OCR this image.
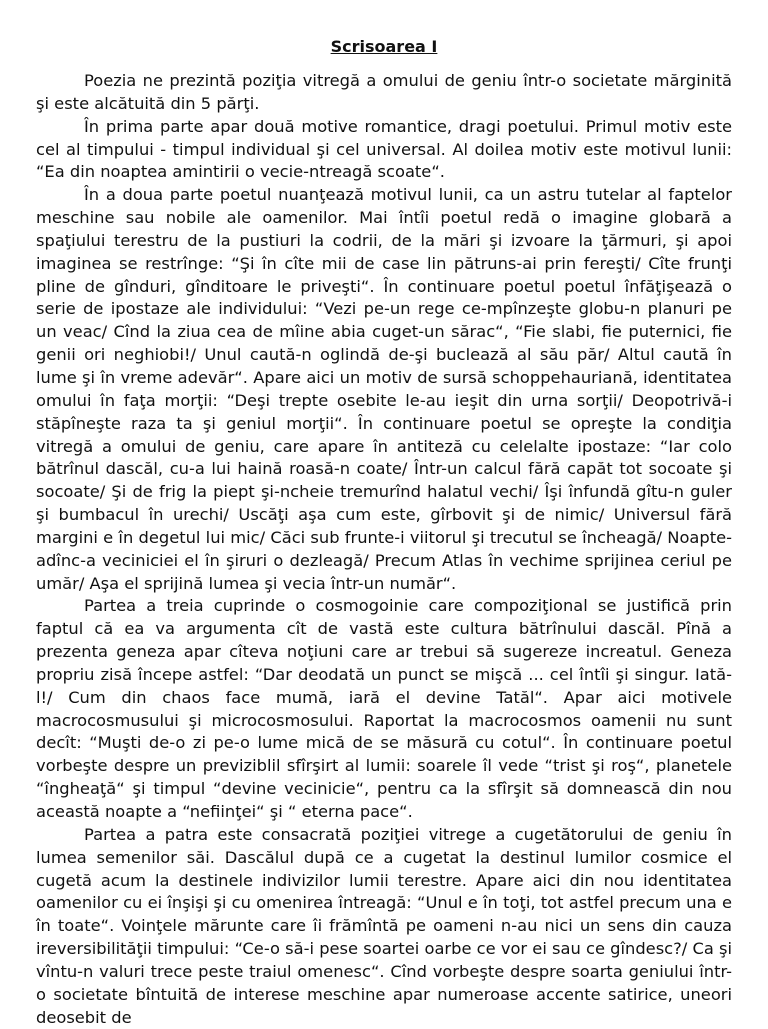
Scrisoarea I

Poezia ne prezintă poziţia vitregă a omului de geniu într-o societate mărginită şi este alcătuită din 5 părţi.

În prima parte apar două motive romantice, dragi poetului. Primul motiv este cel al timpului - timpul individual şi cel universal. Al doilea motiv este motivul lunii: “Ea din noaptea amintirii o vecie-ntreagă scoate“.

În a doua parte poetul nuanţează motivul lunii, ca un astru tutelar al faptelor meschine sau nobile ale oamenilor. Mai întîi poetul redă o imagine globară a spaţiului terestru de la pustiuri la codrii, de la mări şi izvoare la ţărmuri, şi apoi imaginea se restrînge: “Şi în cîte mii de case lin pătruns-ai prin fereşti/ Cîte frunţi pline de gînduri, gînditoare le priveşti“. În continuare poetul poetul înfăţişează o serie de ipostaze ale individului: “Vezi pe-un rege ce-mpînzeşte globu-n planuri pe un veac/ Cînd la ziua cea de mîine abia cuget-un sărac“, “Fie slabi, fie puternici, fie genii ori neghiobi!/ Unul caută-n oglindă de-şi buclează al său păr/ Altul caută în lume şi în vreme adevăr“. Apare aici un motiv de sursă schoppehauriană, identitatea omului în faţa morţii: “Deşi trepte osebite le-au ieşit din urna sorţii/ Deopotrivă-i stăpîneşte raza ta şi geniul morţii“. În continuare poetul se opreşte la condiţia vitregă a omului de geniu, care apare în antiteză cu celelalte ipostaze: “Iar colo bătrînul dascăl, cu-a lui haină roasă-n coate/ Într-un calcul fără capăt tot socoate şi socoate/ Şi de frig la piept şi-ncheie tremurînd halatul vechi/ Îşi înfundă gîtu-n guler şi bumbacul în urechi/ Uscăţi aşa cum este, gîrbovit şi de nimic/ Universul fără margini e în degetul lui mic/ Căci sub frunte-i viitorul şi trecutul se încheagă/ Noapte-adînc-a veciniciei el în şiruri o dezleagă/ Precum Atlas în vechime sprijinea ceriul pe umăr/ Aşa el sprijină lumea şi vecia într-un număr“.

Partea a treia cuprinde o cosmogoinie care compoziţional se justifică prin faptul că ea va argumenta cît de vastă este cultura bătrînului dascăl. Pînă a prezenta geneza apar cîteva noţiuni care ar trebui să sugereze increatul. Geneza propriu zisă începe astfel: “Dar deodată un punct se mişcă ... cel întîi şi singur. Iată-l!/ Cum din chaos face mumă, iară el devine Tatăl“. Apar aici motivele macrocosmusului şi microcosmosului. Raportat la macrocosmos oamenii nu sunt decît: “Muşti de-o zi pe-o lume mică de se măsură cu cotul“. În continuare poetul vorbeşte despre un previziblil sfîrşirt al lumii: soarele îl vede “trist şi roş“, planetele “îngheaţă“ şi timpul “devine vecinicie“, pentru ca la sfîrşit să domnească din nou această noapte a “nefiinţei“ şi “ eterna pace“.

Partea a patra este consacrată poziţiei vitrege a cugetătorului de geniu în lumea semenilor săi. Dascălul după ce a cugetat la destinul lumilor cosmice el cugetă acum la destinele indivizilor lumii terestre. Apare aici din nou identitatea oamenilor cu ei înşişi şi cu omenirea întreagă: “Unul e în toţi, tot astfel precum una e în toate“. Voinţele mărunte care îi frămîntă pe oameni n-au nici un sens din cauza ireversibilităţii timpului: “Ce-o să-i pese soartei oarbe ce vor ei sau ce gîndesc?/ Ca şi vîntu-n valuri trece peste traiul omenesc“. Cînd vorbeşte despre soarta geniului într-o societate bîntuită de interese meschine apar numeroase accente satirice, uneori deosebit de
